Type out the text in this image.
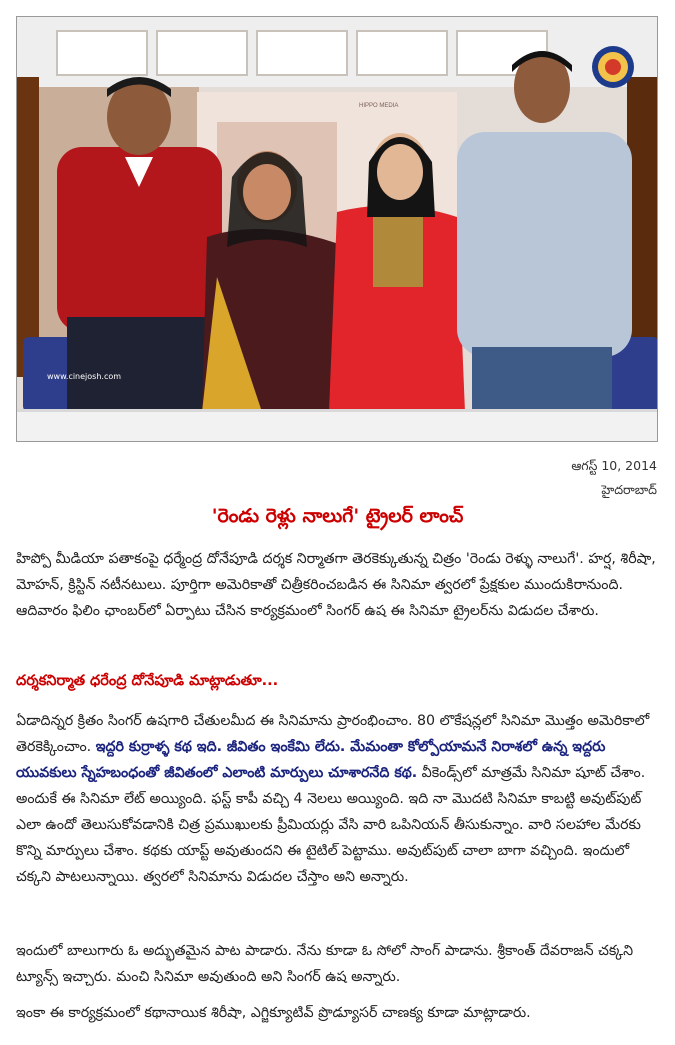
HIPPO MEDIA
www.cinejosh.com
ఆగస్ట్ 10, 2014
హైదరాబాద్
'రెండు రెళ్లు నాలుగే' ట్రైలర్ లాంచ్

హిప్పో మీడియా పతాకంపై ధర్మేంద్ర దోనేపూడి దర్శక నిర్మాతగా తెరకెక్కుతున్న చిత్రం 'రెండు రెళ్ళు నాలుగే'. హర్ష, శిరీషా, మోహన్, క్రిస్టిన్ నటీనటులు. పూర్తిగా అమెరికాతో చిత్రీకరించబడిన ఈ సినిమా త్వరలో ప్రేక్షకుల ముందుకిరానుంది. ఆదివారం ఫిలిం ఛాంబర్‌లో ఏర్పాటు చేసిన కార్యక్రమంలో సింగర్ ఉష ఈ సినిమా ట్రైలర్‌ను విడుదల చేశారు.

దర్శకనిర్మాత ధరేంద్ర దోనేపూడి మాట్లాడుతూ...

ఏడాదిన్నర క్రితం సింగర్ ఉషగారి చేతులమీద ఈ సినిమాను ప్రారంభించాం. 80 లొకేషన్లలో సినిమా మొత్తం అమెరికాలో తెరకెక్కించాం. ఇద్దరి కుర్రాళ్ళ కథ ఇది. జీవితం ఇంకేమి లేదు. మేమంతా కోల్పోయామనే నిరాశలో ఉన్న ఇద్దరు యువకులు స్నేహబంధంతో జీవితంలో ఎలాంటి మార్పులు చూశారనేది కథ. వీకెండ్స్‌లో మాత్రమే సినిమా షూట్ చేశాం. అందుకే ఈ సినిమా లేట్ అయ్యింది. ఫస్ట్ కాపీ వచ్చి 4 నెలలు అయ్యింది. ఇది నా మొదటి సినిమా కాబట్టి అవుట్‌పుట్ ఎలా ఉందో తెలుసుకోవడానికి చిత్ర ప్రముఖులకు ప్రీమియర్లు వేసి వారి ఒపినియన్ తీసుకున్నాం. వారి సలహాల మేరకు కొన్ని మార్పులు చేశాం. కథకు యాప్ట్ అవుతుందని ఈ టైటిల్ పెట్టాము. అవుట్‌పుట్ చాలా బాగా వచ్చింది. ఇందులో చక్కని పాటలున్నాయి. త్వరలో సినిమాను విడుదల చేస్తాం అని అన్నారు.

ఇందులో బాలుగారు ఓ అద్భుతమైన పాట పాడారు. నేను కూడా ఓ సోలో సాంగ్ పాడాను. శ్రీకాంత్ దేవరాజన్ చక్కని ట్యూన్స్ ఇచ్చారు. మంచి సినిమా అవుతుంది అని సింగర్ ఉష అన్నారు.

ఇంకా ఈ కార్యక్రమంలో కథానాయిక శిరీషా, ఎగ్జిక్యూటివ్ ప్రొడ్యూసర్ చాణక్య కూడా మాట్లాడారు.
